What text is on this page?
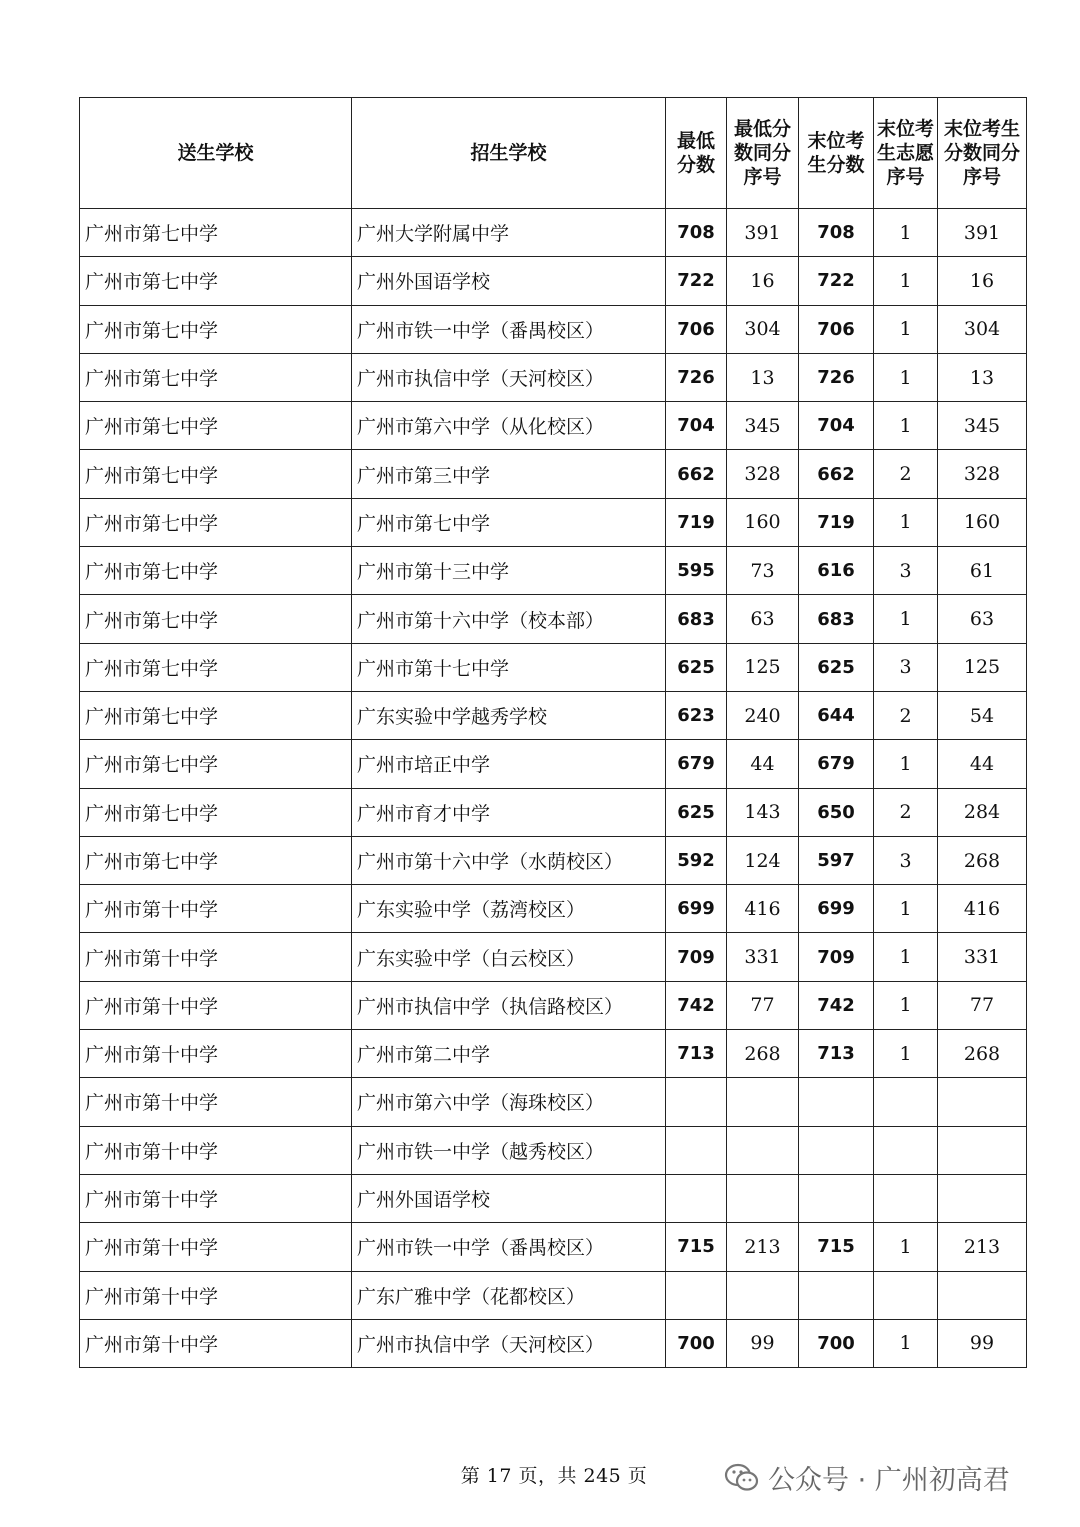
送生学校	招生学校	最低分数	最低分数同分序号	末位考生分数	末位考生志愿序号	末位考生分数同分序号
广州市第七中学	广州大学附属中学	708	391	708	1	391
广州市第七中学	广州外国语学校	722	16	722	1	16
广州市第七中学	广州市铁一中学（番禺校区）	706	304	706	1	304
广州市第七中学	广州市执信中学（天河校区）	726	13	726	1	13
广州市第七中学	广州市第六中学（从化校区）	704	345	704	1	345
广州市第七中学	广州市第三中学	662	328	662	2	328
广州市第七中学	广州市第七中学	719	160	719	1	160
广州市第七中学	广州市第十三中学	595	73	616	3	61
广州市第七中学	广州市第十六中学（校本部）	683	63	683	1	63
广州市第七中学	广州市第十七中学	625	125	625	3	125
广州市第七中学	广东实验中学越秀学校	623	240	644	2	54
广州市第七中学	广州市培正中学	679	44	679	1	44
广州市第七中学	广州市育才中学	625	143	650	2	284
广州市第七中学	广州市第十六中学（水荫校区）	592	124	597	3	268
广州市第十中学	广东实验中学（荔湾校区）	699	416	699	1	416
广州市第十中学	广东实验中学（白云校区）	709	331	709	1	331
广州市第十中学	广州市执信中学（执信路校区）	742	77	742	1	77
广州市第十中学	广州市第二中学	713	268	713	1	268
广州市第十中学	广州市第六中学（海珠校区）					
广州市第十中学	广州市铁一中学（越秀校区）					
广州市第十中学	广州外国语学校					
广州市第十中学	广州市铁一中学（番禺校区）	715	213	715	1	213
广州市第十中学	广东广雅中学（花都校区）					
广州市第十中学	广州市执信中学（天河校区）	700	99	700	1	99
第 17 页，共 245 页	公众号 · 广州初高君
